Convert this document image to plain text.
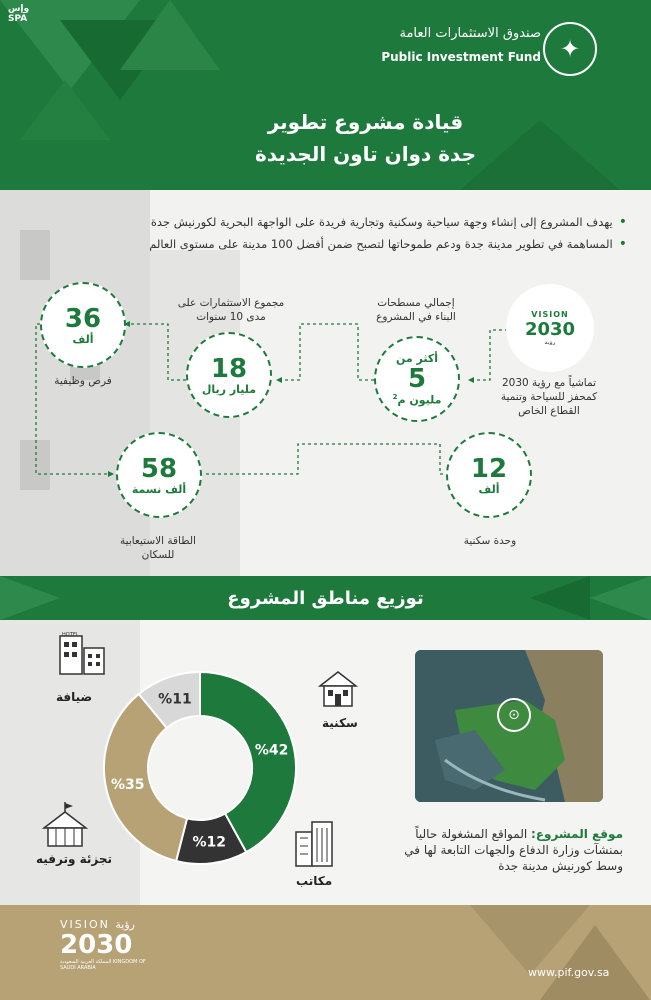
وإس
SPA
صندوق الاستثمارات العامة
Public Investment Fund ✦
قيادة مشروع تطوير
جدة دوان تاون الجديدة
•يهدف المشروع إلى إنشاء وجهة سياحية وسكنية وتجارية فريدة على الواجهة البحرية لكورنيش جدة
•المساهمة في تطوير مدينة جدة ودعم طموحاتها لتصبح ضمن أفضل 100 مدينة على مستوى العالم
VISION
2030
رؤية
تماشياً مع رؤية 2030 كمحفز للسياحة وتنمية القطاع الخاص
أكثر من
5
مليون م$^2$
إجمالي مسطحات البناء في المشروع
18
مليار ريال
مجموع الاستثمارات على مدى 10 سنوات
36
ألف
فرص وظيفية
58
ألف نسمة
الطاقة الاستيعابية للسكان
12
ألف
وحدة سكنية
توزيع مناطق المشروع
%42
%12
%35
%11
HOTEL
ضيافة
سكنية
تجزئة وترفيه
مكاتب
⊙
موقع المشروع: المواقع المشغولة حالياً بمنشآت وزارة الدفاع والجهات التابعة لها في وسط كورنيش مدينة جدة
VISION رؤية
2030
المملكة العربية السعودية KINGDOM OF SAUDI ARABIA	www.pif.gov.sa
